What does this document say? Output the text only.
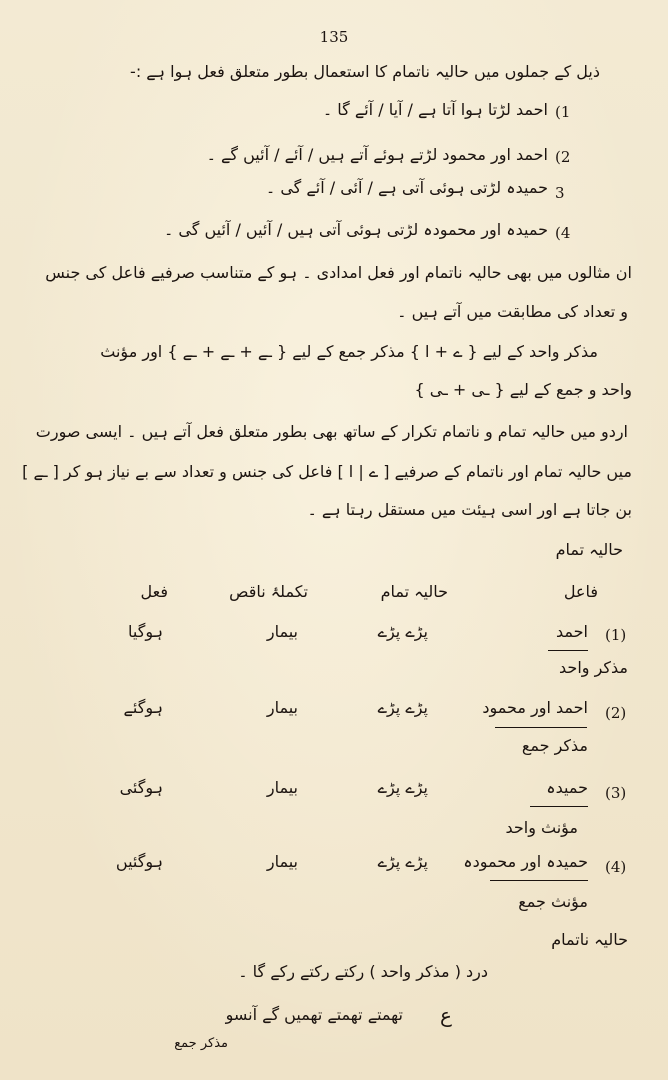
135
ذیل کے جملوں میں حالیہ ناتمام کا استعمال بطور متعلق فعل ہوا ہے :-
احمد لڑتا ہوا آتا ہے / آیا / آئے گا ۔ (1
احمد اور محمود لڑتے ہوئے آتے ہیں / آئے / آئیں گے ۔ (2
حمیدہ لڑتی ہوئی آتی ہے / آئی / آئے گی ۔ 3
حمیدہ اور محمودہ لڑتی ہوئی آتی ہیں / آئیں / آئیں گی ۔ (4
ان مثالوں میں بھی حالیہ ناتمام اور فعل امدادی ۔ ہو کے متناسب صرفیے فاعل کی جنس
و تعداد کی مطابقت میں آتے ہیں ۔
مذکر واحد کے لیے { ے + ا } مذکر جمع کے لیے { ـے + ـے + ـے } اور مؤنث
واحد و جمع کے لیے { ـی + ـی }
اردو میں حالیہ تمام و ناتمام تکرار کے ساتھ بھی بطور متعلق فعل آتے ہیں ۔ ایسی صورت
میں حالیہ تمام اور ناتمام کے صرفیے [ ے | ا ] فاعل کی جنس و تعداد سے بے نیاز ہو کر [ ـے ]
بن جاتا ہے اور اسی ہیئت میں مستقل رہتا ہے ۔
حالیہ تمام
فاعل
حالیہ تمام
تکملۂ ناقص
فعل
(1)
احمد
پڑے پڑے
بیمار
ہوگیا
مذکر واحد
(2)
احمد اور محمود
پڑے پڑے
بیمار
ہوگئے
مذکر جمع
(3)
حمیدہ
پڑے پڑے
بیمار
ہوگئی
مؤنث واحد
(4)
حمیدہ اور محمودہ
پڑے پڑے
بیمار
ہوگئیں
مؤنث جمع
حالیہ ناتمام
درد ( مذکر واحد ) رکتے رکتے رکے گا ۔
ع
تھمتے تھمتے تھمیں گے آنسو
مذکر جمع
